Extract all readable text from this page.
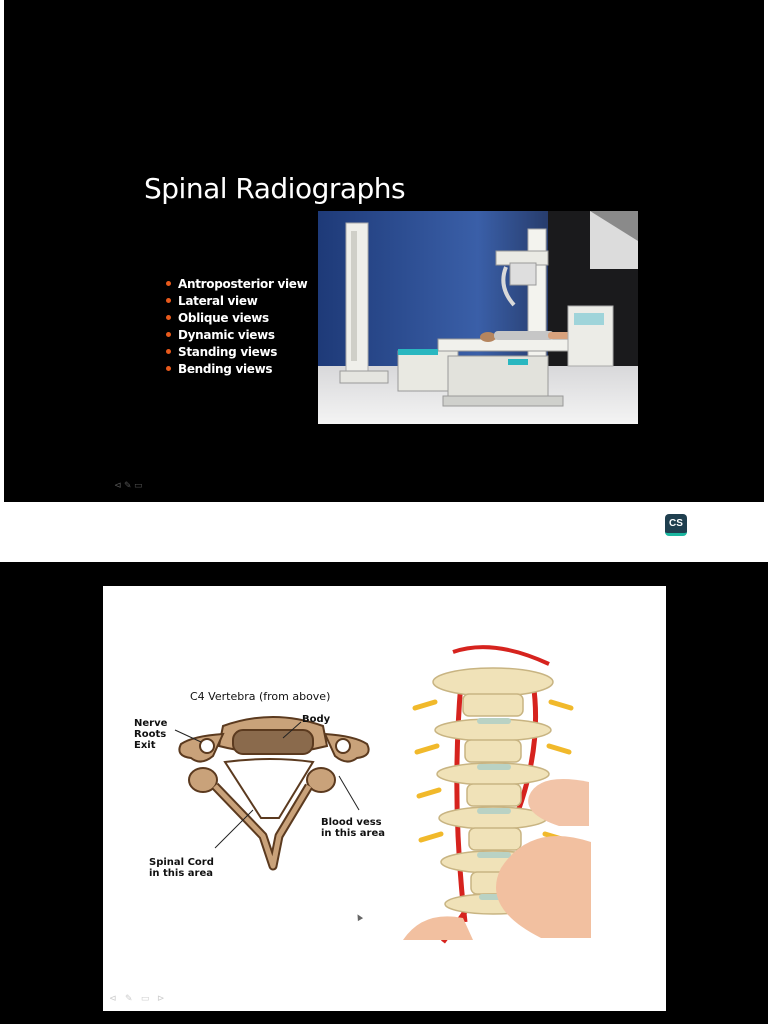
Spinal Radiographs
Antroposterior view
Lateral view
Oblique views
Dynamic views
Standing views
Bending views
⊲ ✎ ▭
CS
C4 Vertebra (from above)
Nerve
Roots
Exit
Body
Blood vess
in this area
Spinal Cord
in this area
⊲ ✎ ▭ ⊳
